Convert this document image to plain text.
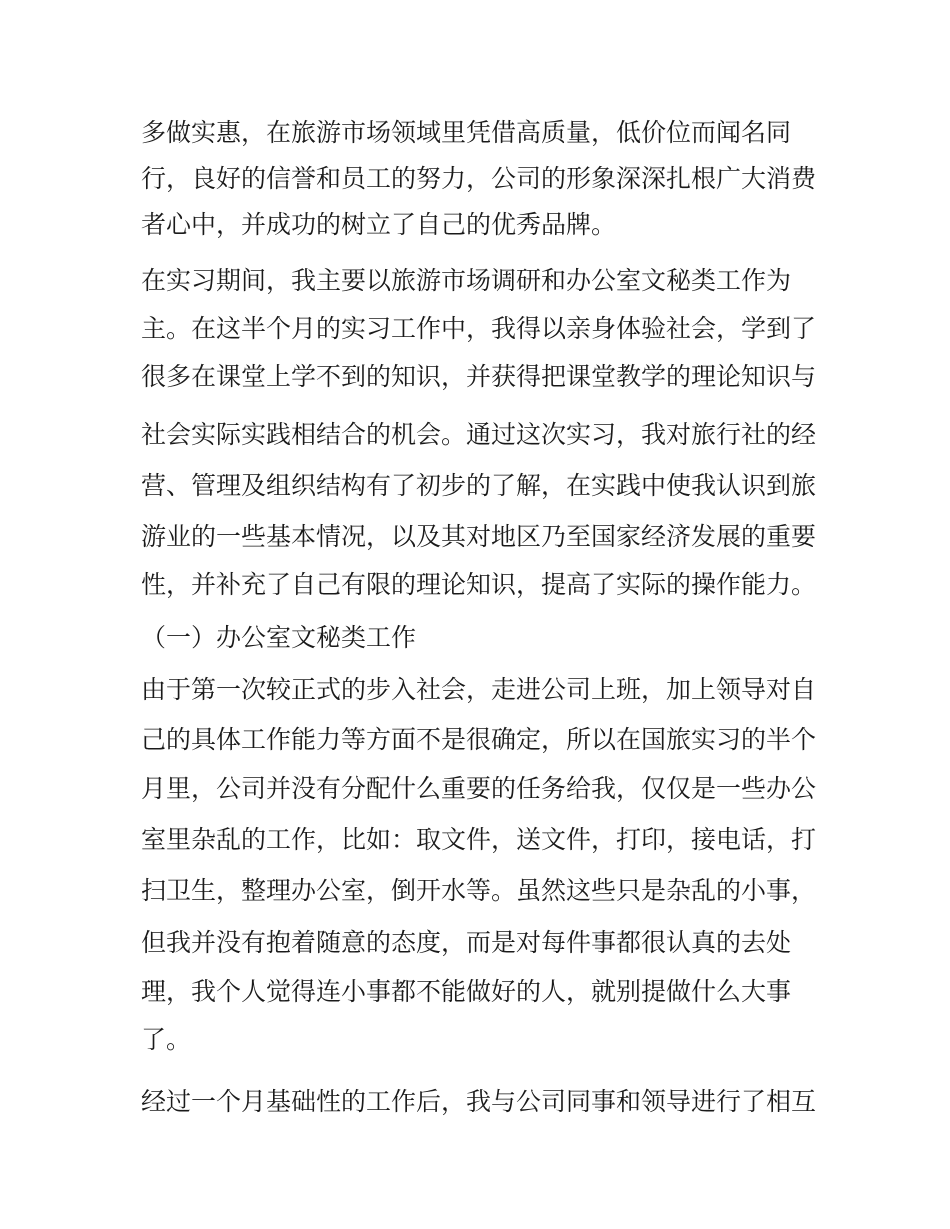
多做实惠，在旅游市场领域里凭借高质量，低价位而闻名同
行，良好的信誉和员工的努力，公司的形象深深扎根广大消费
者心中，并成功的树立了自己的优秀品牌。
在实习期间，我主要以旅游市场调研和办公室文秘类工作为
主。在这半个月的实习工作中，我得以亲身体验社会，学到了
很多在课堂上学不到的知识，并获得把课堂教学的理论知识与
社会实际实践相结合的机会。通过这次实习，我对旅行社的经
营、管理及组织结构有了初步的了解，在实践中使我认识到旅
游业的一些基本情况，以及其对地区乃至国家经济发展的重要
性，并补充了自己有限的理论知识，提高了实际的操作能力。
（一）办公室文秘类工作
由于第一次较正式的步入社会，走进公司上班，加上领导对自
己的具体工作能力等方面不是很确定，所以在国旅实习的半个
月里，公司并没有分配什么重要的任务给我，仅仅是一些办公
室里杂乱的工作，比如：取文件，送文件，打印，接电话，打
扫卫生，整理办公室，倒开水等。虽然这些只是杂乱的小事，
但我并没有抱着随意的态度，而是对每件事都很认真的去处
理，我个人觉得连小事都不能做好的人，就别提做什么大事
了。
经过一个月基础性的工作后，我与公司同事和领导进行了相互
